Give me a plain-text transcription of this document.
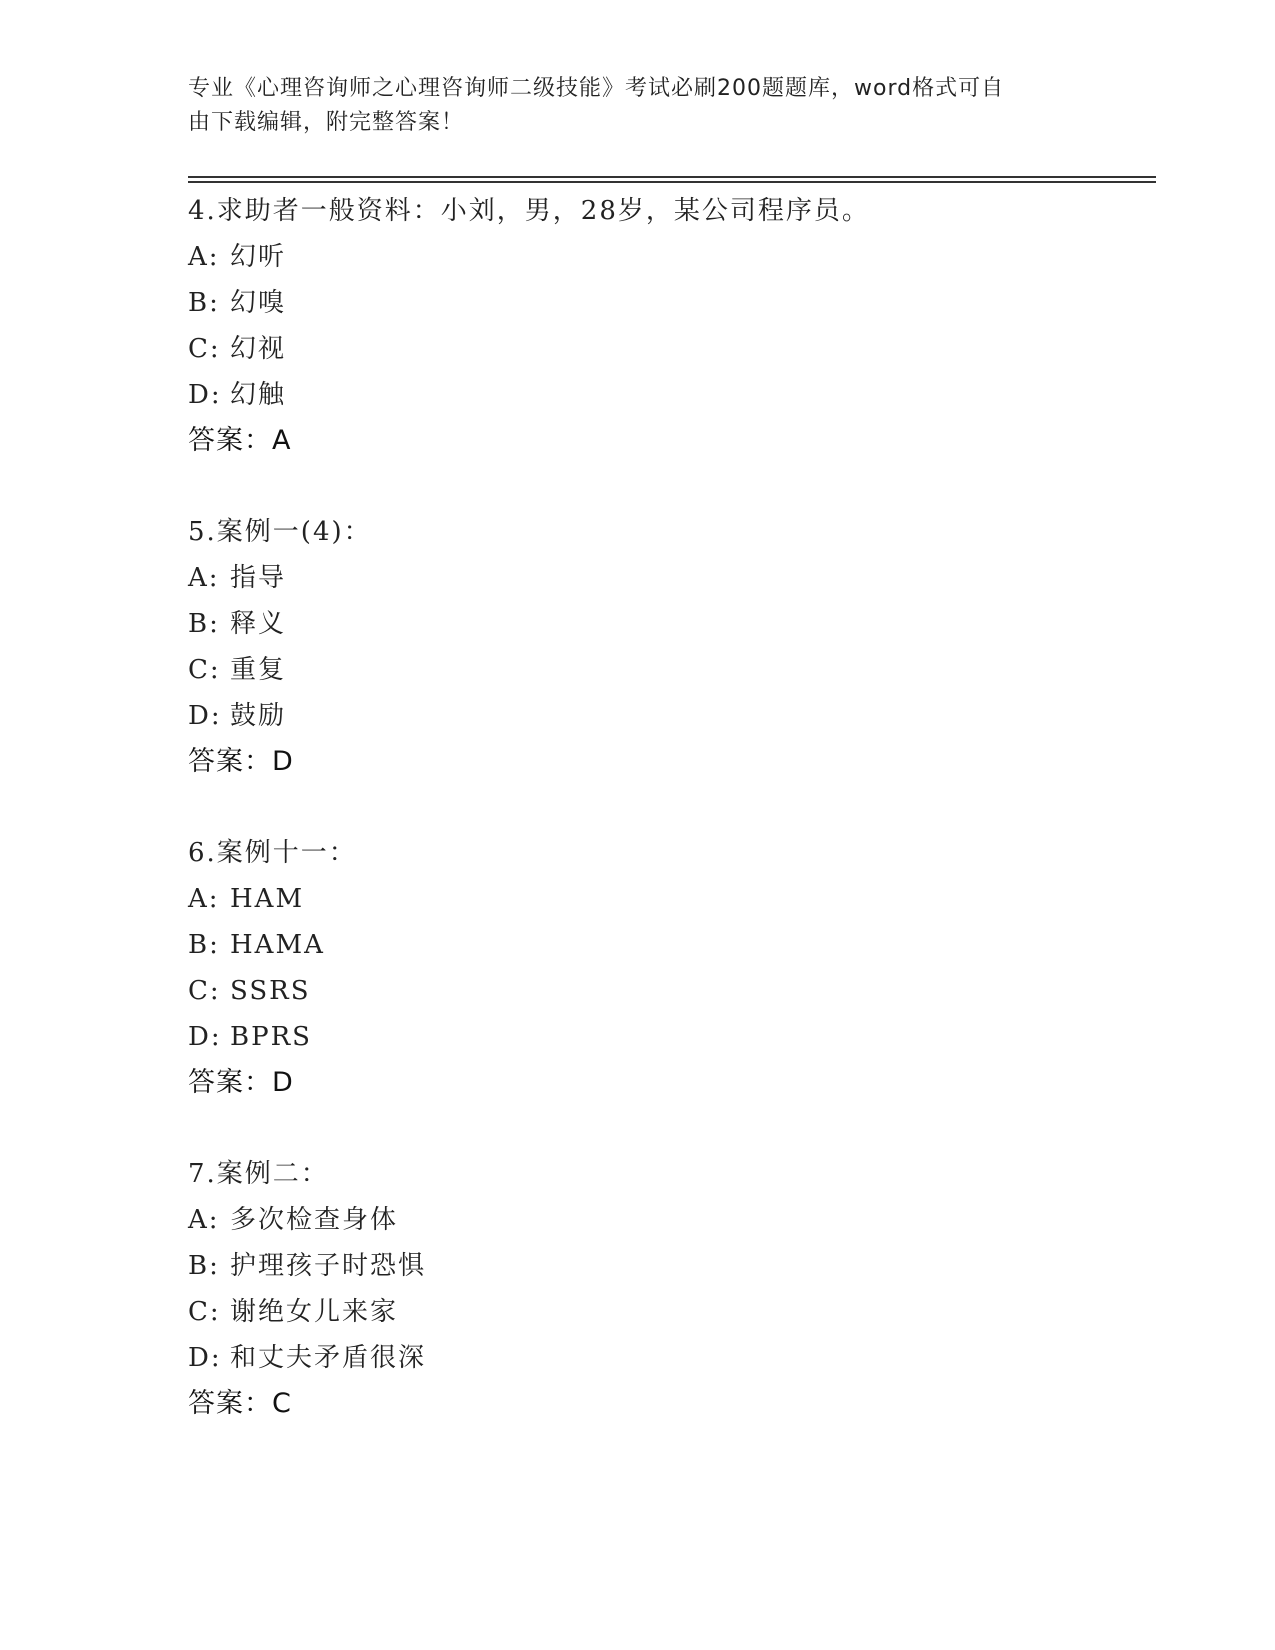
专业《心理咨询师之心理咨询师二级技能》考试必刷200题题库，word格式可自
由下载编辑，附完整答案！
4.求助者一般资料：小刘，男，28岁，某公司程序员。
A: 幻听
B: 幻嗅
C: 幻视
D: 幻触
答案：A
5.案例一(4)：
A: 指导
B: 释义
C: 重复
D: 鼓励
答案：D
6.案例十一：
A: HAM
B: HAMA
C: SSRS
D: BPRS
答案：D
7.案例二：
A: 多次检查身体
B: 护理孩子时恐惧
C: 谢绝女儿来家
D: 和丈夫矛盾很深
答案：C
